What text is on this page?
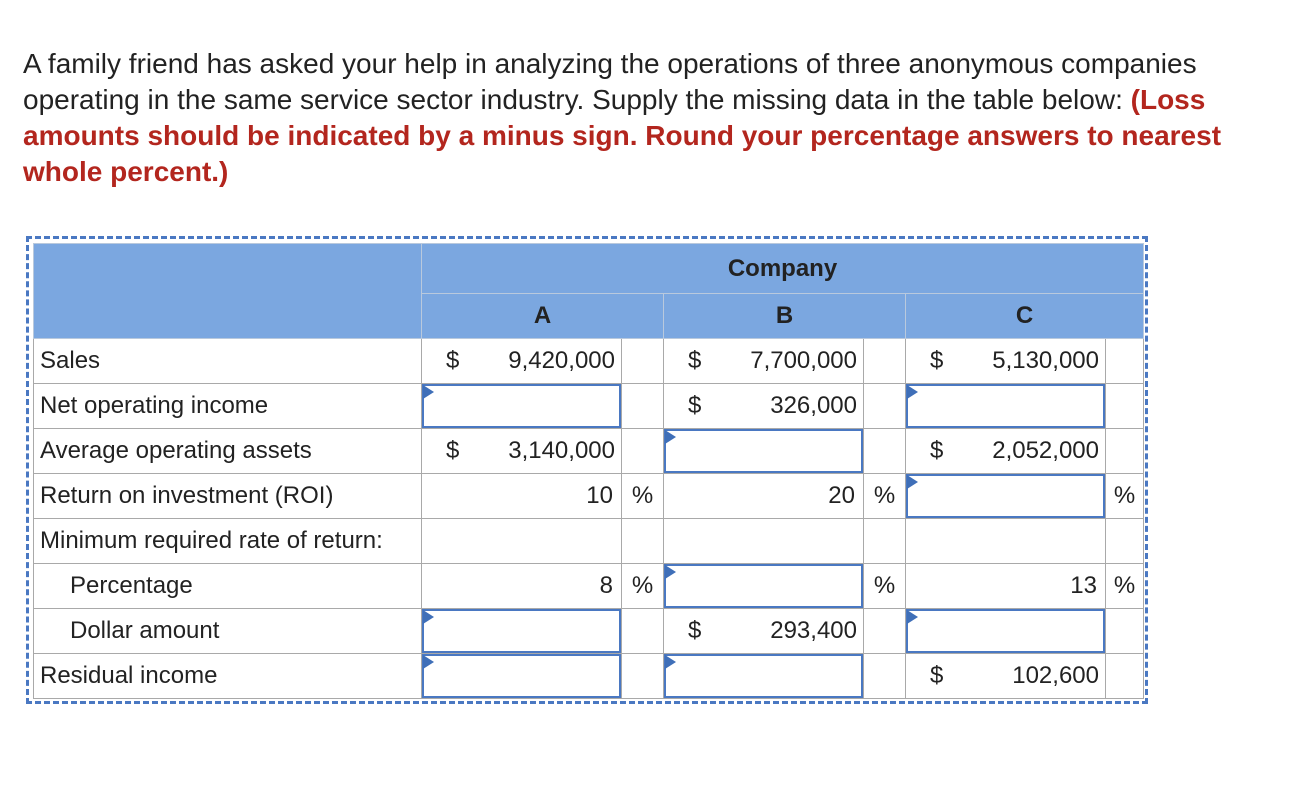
A family friend has asked your help in analyzing the operations of three anonymous companies operating in the same service sector industry. Supply the missing data in the table below: (Loss amounts should be indicated by a minus sign. Round your percentage answers to nearest whole percent.)
	Company					
	A		B		C	
Sales	$ 9,420,000		$ 7,700,000		$ 5,130,000	

Net operating income			$ 326,000

Average operating assets	$ 3,140,000				$ 2,052,000	

Return on investment (ROI)	10	%	20	%		%
Minimum required rate of return:						
Percentage	8	%		%	13	%
Dollar amount			$ 293,400

Residual income					$ 102,600	
